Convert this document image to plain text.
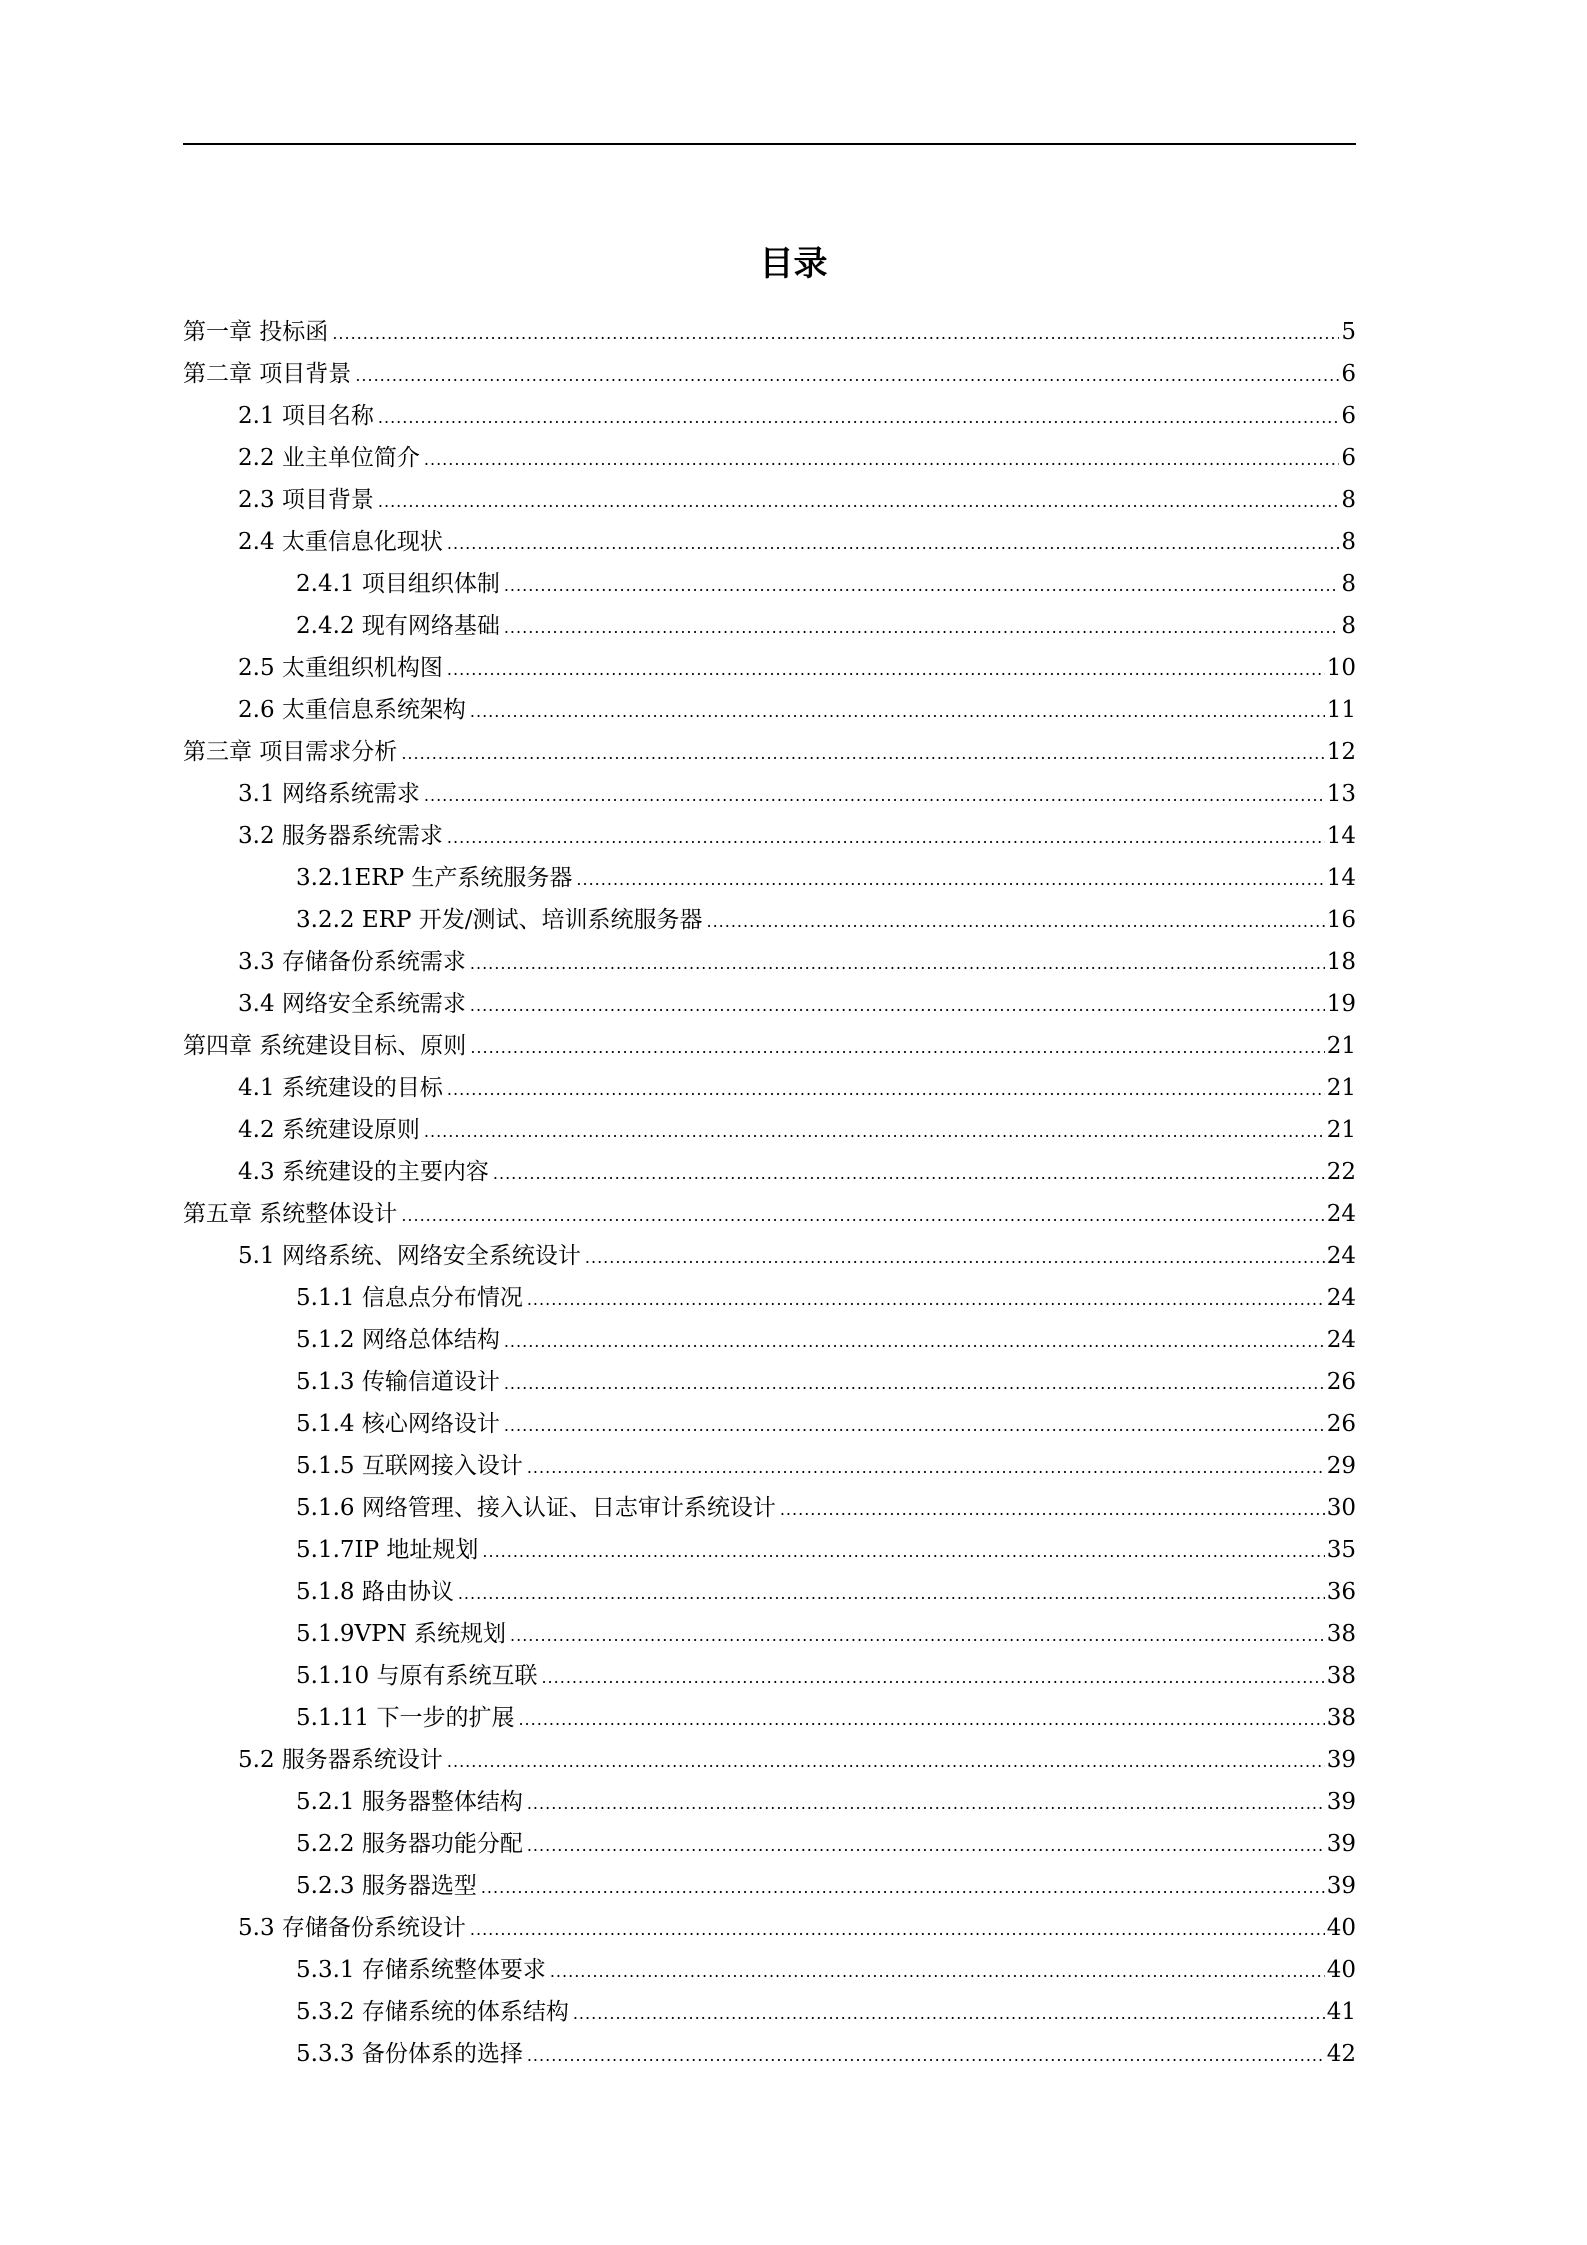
目录
第一章 投标函 .....	5
第二章 项目背景 .....	6
2.1 项目名称 .....	6
2.2 业主单位简介 .....	6
2.3 项目背景 .....	8
2.4 太重信息化现状 .....	8
2.4.1 项目组织体制 .....	8
2.4.2 现有网络基础 .....	8
2.5 太重组织机构图 .....	10
2.6 太重信息系统架构 .....	11
第三章 项目需求分析 .....	12
3.1 网络系统需求 .....	13
3.2 服务器系统需求 .....	14
3.2.1ERP 生产系统服务器 .....	14
3.2.2 ERP 开发/测试、培训系统服务器 .....	16
3.3 存储备份系统需求 .....	18
3.4 网络安全系统需求 .....	19
第四章 系统建设目标、原则 .....	21
4.1 系统建设的目标 .....	21
4.2 系统建设原则 .....	21
4.3 系统建设的主要内容 .....	22
第五章 系统整体设计 .....	24
5.1 网络系统、网络安全系统设计 .....	24
5.1.1 信息点分布情况 .....	24
5.1.2 网络总体结构 .....	24
5.1.3 传输信道设计 .....	26
5.1.4 核心网络设计 .....	26
5.1.5 互联网接入设计 .....	29
5.1.6 网络管理、接入认证、日志审计系统设计 .....	30
5.1.7IP 地址规划 .....	35
5.1.8 路由协议 .....	36
5.1.9VPN 系统规划 .....	38
5.1.10 与原有系统互联 .....	38
5.1.11 下一步的扩展 .....	38
5.2 服务器系统设计 .....	39
5.2.1 服务器整体结构 .....	39
5.2.2 服务器功能分配 .....	39
5.2.3 服务器选型 .....	39
5.3 存储备份系统设计 .....	40
5.3.1 存储系统整体要求 .....	40
5.3.2 存储系统的体系结构 .....	41
5.3.3 备份体系的选择 .....	42
